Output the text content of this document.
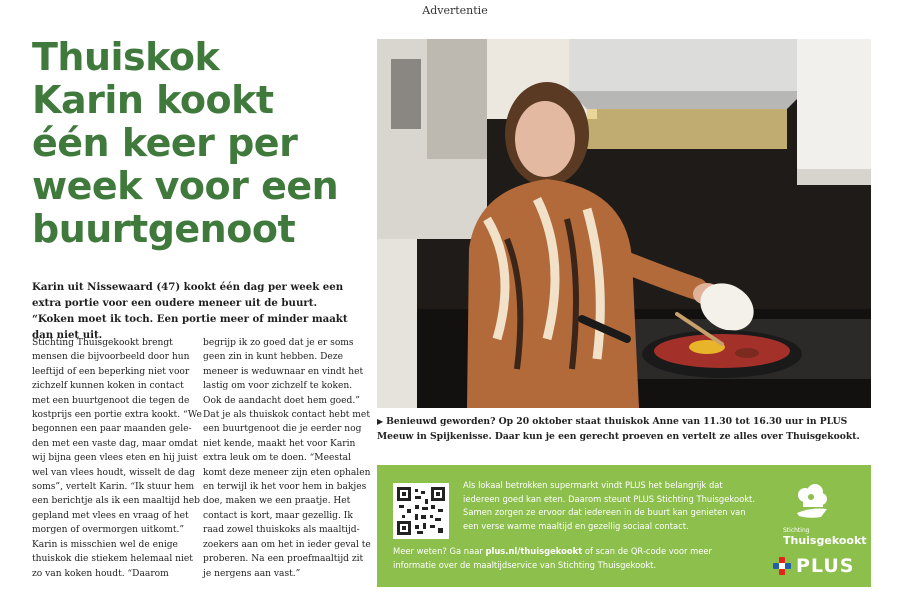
Advertentie
Thuiskok
Karin kookt
één keer per
week voor een
buurtgenoot

Karin uit Nissewaard (47) kookt één dag per week een extra portie voor een oudere meneer uit de buurt. “Koken moet ik toch. Een portie meer of minder maakt dan niet uit.

Stichting Thuisgekookt brengt
mensen die bijvoorbeeld door hun
leeftijd of een beperking niet voor
zichzelf kunnen koken in contact
met een buurtgenoot die tegen de
kostprijs een portie extra kookt. “We
begonnen een paar maanden gele-
den met een vaste dag, maar omdat
wij bijna geen vlees eten en hij juist
wel van vlees houdt, wisselt de dag
soms”, vertelt Karin. “Ik stuur hem
een berichtje als ik een maaltijd heb
gepland met vlees en vraag of het
morgen of overmorgen uitkomt.”
Karin is misschien wel de enige
thuiskok die stiekem helemaal niet
zo van koken houdt. “Daarom
begrijp ik zo goed dat je er soms
geen zin in kunt hebben. Deze
meneer is weduwnaar en vindt het
lastig om voor zichzelf te koken.
Ook de aandacht doet hem goed.”
Dat je als thuiskok contact hebt met
een buurtgenoot die je eerder nog
niet kende, maakt het voor Karin
extra leuk om te doen. “Meestal
komt deze meneer zijn eten ophalen
en terwijl ik het voor hem in bakjes
doe, maken we een praatje. Het
contact is kort, maar gezellig. Ik
raad zowel thuiskoks als maaltijd-
zoekers aan om het in ieder geval te
proberen. Na een proefmaaltijd zit
je nergens aan vast.”

▶ Benieuwd geworden? Op 20 oktober staat thuiskok Anne van 11.30 tot 16.30 uur in PLUS Meeuw in Spijkenisse. Daar kun je een gerecht proeven en vertelt ze alles over Thuisgekookt.

Als lokaal betrokken supermarkt vindt PLUS het belangrijk dat
iedereen goed kan eten. Daarom steunt PLUS Stichting Thuisgekookt.
Samen zorgen ze ervoor dat iedereen in de buurt kan genieten van
een verse warme maaltijd en gezellig sociaal contact.
Meer weten? Ga naar plus.nl/thuisgekookt of scan de QR-code voor meer
informatie over de maaltijdservice van Stichting Thuisgekookt.
Stichting
Thuisgekookt
PLUS
